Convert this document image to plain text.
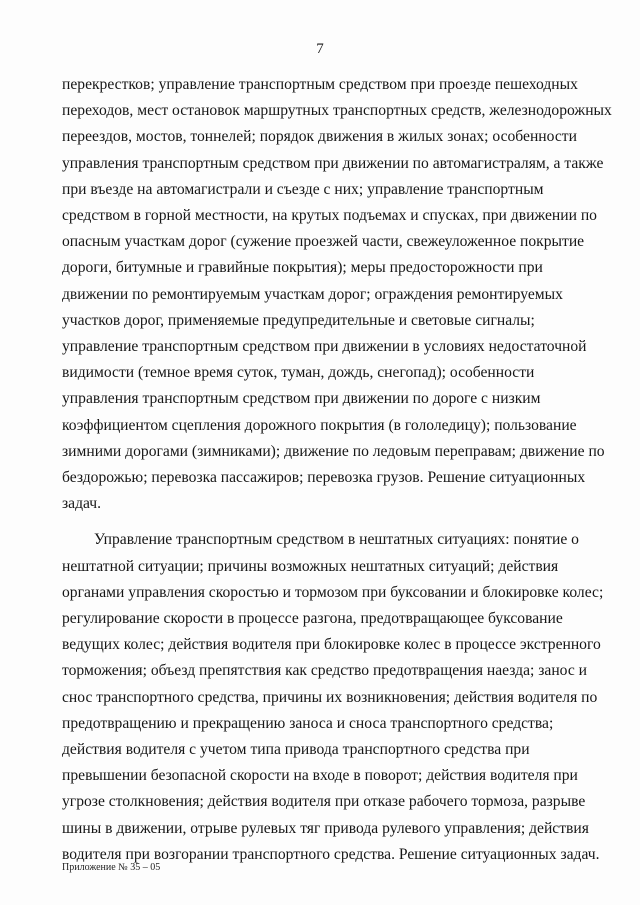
7

перекрестков; управление транспортным средством при проезде пешеходных переходов, мест остановок маршрутных транспортных средств, железнодорожных переездов, мостов, тоннелей; порядок движения в жилых зонах; особенности управления транспортным средством при движении по автомагистралям, а также при въезде на автомагистрали и съезде с них; управление транспортным средством в горной местности, на крутых подъемах и спусках, при движении по опасным участкам дорог (сужение проезжей части, свежеуложенное покрытие дороги, битумные и гравийные покрытия); меры предосторожности при движении по ремонтируемым участкам дорог; ограждения ремонтируемых участков дорог, применяемые предупредительные и световые сигналы; управление транспортным средством при движении в условиях недостаточной видимости (темное время суток, туман, дождь, снегопад); особенности управления транспортным средством при движении по дороге с низким коэффициентом сцепления дорожного покрытия (в гололедицу); пользование зимними дорогами (зимниками); движение по ледовым переправам; движение по бездорожью; перевозка пассажиров; перевозка грузов. Решение ситуационных задач.

Управление транспортным средством в нештатных ситуациях: понятие о нештатной ситуации; причины возможных нештатных ситуаций; действия органами управления скоростью и тормозом при буксовании и блокировке колес; регулирование скорости в процессе разгона, предотвращающее буксование ведущих колес; действия водителя при блокировке колес в процессе экстренного торможения; объезд препятствия как средство предотвращения наезда; занос и снос транспортного средства, причины их возникновения; действия водителя по предотвращению и прекращению заноса и сноса транспортного средства; действия водителя с учетом типа привода транспортного средства при превышении безопасной скорости на входе в поворот; действия водителя при угрозе столкновения; действия водителя при отказе рабочего тормоза, разрыве шины в движении, отрыве рулевых тяг привода рулевого управления; действия водителя при возгорании транспортного средства. Решение ситуационных задач.

Приложение № 35 – 05
